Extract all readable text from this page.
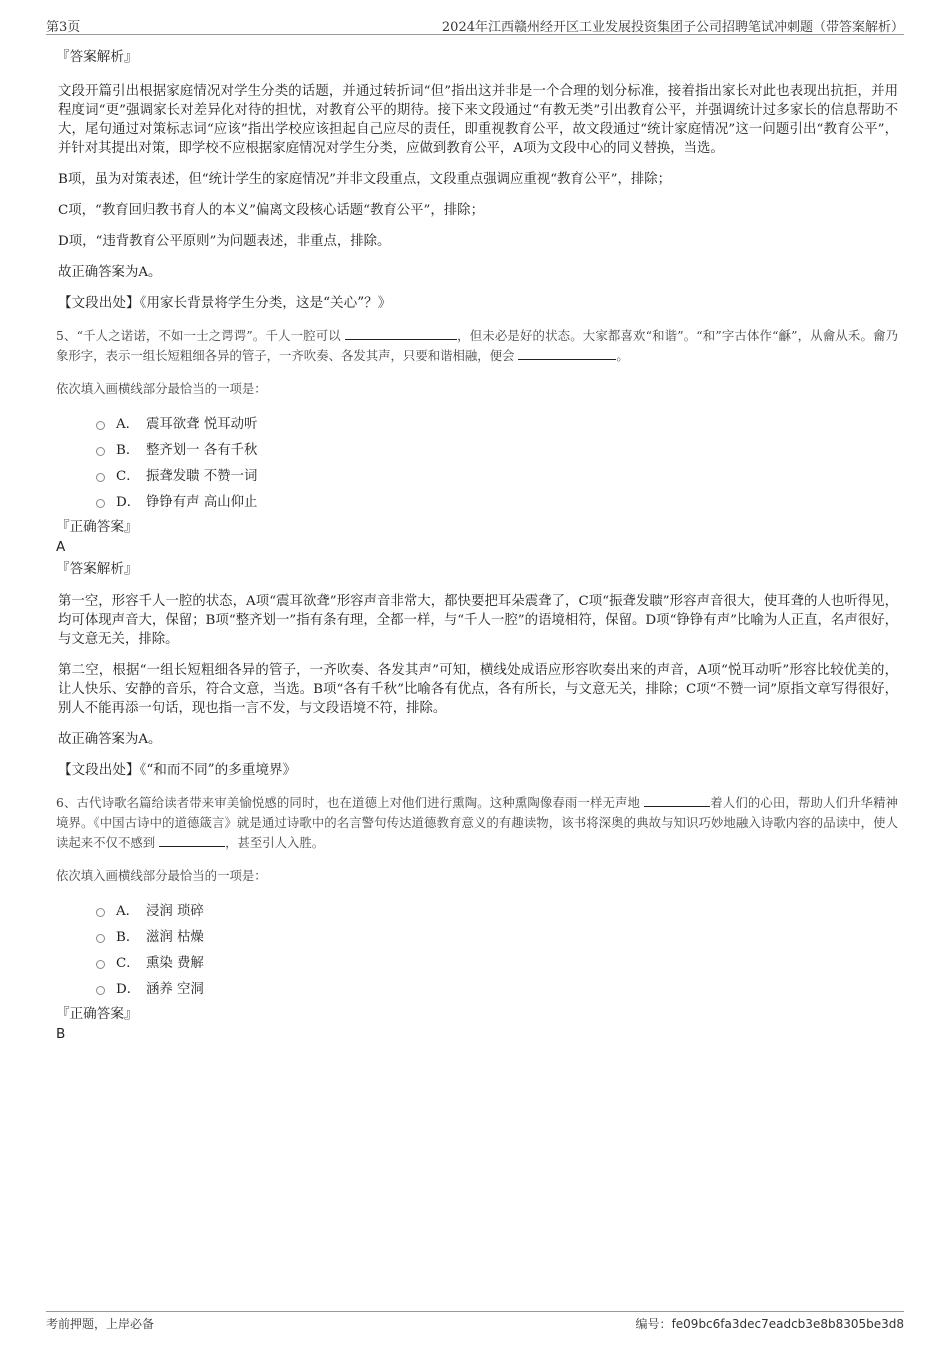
第3页	2024年江西赣州经开区工业发展投资集团子公司招聘笔试冲刺题（带答案解析）
『答案解析』

文段开篇引出根据家庭情况对学生分类的话题，并通过转折词“但”指出这并非是一个合理的划分标准，接着指出家长对此也表现出抗拒，并用程度词“更”强调家长对差异化对待的担忧，对教育公平的期待。接下来文段通过“有教无类”引出教育公平，并强调统计过多家长的信息帮助不大，尾句通过对策标志词“应该”指出学校应该担起自己应尽的责任，即重视教育公平，故文段通过“统计家庭情况”这一问题引出“教育公平”，并针对其提出对策，即学校不应根据家庭情况对学生分类，应做到教育公平，A项为文段中心的同义替换，当选。

B项，虽为对策表述，但“统计学生的家庭情况”并非文段重点，文段重点强调应重视“教育公平”，排除；

C项，“教育回归教书育人的本义”偏离文段核心话题“教育公平”，排除；

D项，“违背教育公平原则”为问题表述，非重点，排除。

故正确答案为A。

【文段出处】《用家长背景将学生分类，这是“关心”？》

5、“千人之诺诺，不如一士之谔谔”。千人一腔可以	，但未必是好的状态。大家都喜欢“和谐”。“和”字古体作“龢”，从龠从禾。龠乃象形字，表示一组长短粗细各异的管子，一齐吹奏、各发其声，只要和谐相融，便会	。
依次填入画横线部分最恰当的一项是：
A． 震耳欲聋 悦耳动听
B． 整齐划一 各有千秋
C． 振聋发聩 不赞一词
D． 铮铮有声 高山仰止
『正确答案』
A
『答案解析』

第一空，形容千人一腔的状态，A项“震耳欲聋”形容声音非常大，都快要把耳朵震聋了，C项“振聋发聩”形容声音很大，使耳聋的人也听得见，均可体现声音大，保留；B项“整齐划一”指有条有理，全都一样，与“千人一腔”的语境相符，保留。D项“铮铮有声”比喻为人正直，名声很好，与文意无关，排除。

第二空，根据“一组长短粗细各异的管子，一齐吹奏、各发其声”可知，横线处成语应形容吹奏出来的声音，A项“悦耳动听”形容比较优美的，让人快乐、安静的音乐，符合文意，当选。B项“各有千秋”比喻各有优点，各有所长，与文意无关，排除；C项“不赞一词”原指文章写得很好，别人不能再添一句话，现也指一言不发，与文段语境不符，排除。

故正确答案为A。

【文段出处】《“和而不同”的多重境界》

6、古代诗歌名篇给读者带来审美愉悦感的同时，也在道德上对他们进行熏陶。这种熏陶像春雨一样无声地	着人们的心田，帮助人们升华精神境界。《中国古诗中的道德箴言》就是通过诗歌中的名言警句传达道德教育意义的有趣读物，该书将深奥的典故与知识巧妙地融入诗歌内容的品读中，使人读起来不仅不感到	，甚至引人入胜。
依次填入画横线部分最恰当的一项是：
A． 浸润 琐碎
B． 滋润 枯燥
C． 熏染 费解
D． 涵养 空洞
『正确答案』
B
考前押题，上岸必备	编号：fe09bc6fa3dec7eadcb3e8b8305be3d8
